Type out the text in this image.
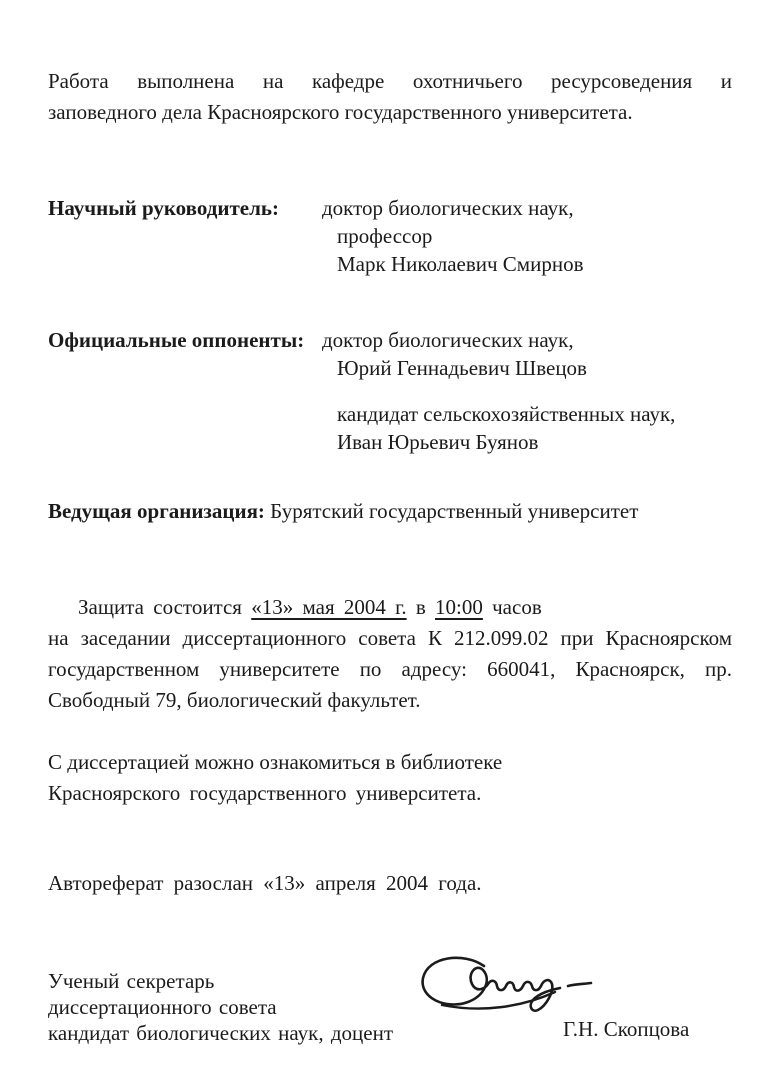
Работа выполнена на кафедре охотничьего ресурсоведения и
заповедного дела Красноярского государственного университета.
Научный руководитель: доктор биологических наук,
профессор
Марк Николаевич Смирнов
Официальные оппоненты: доктор биологических наук,
Юрий Геннадьевич Швецов
кандидат сельскохозяйственных наук,
Иван Юрьевич Буянов
Ведущая организация: Бурятский государственный университет
Защита состоится «13» мая 2004 г. в 10:00 часов
на заседании диссертационного совета К 212.099.02 при Красноярском
государственном университете по адресу: 660041, Красноярск, пр.
Свободный 79, биологический факультет.
С диссертацией можно ознакомиться в библиотеке
Красноярского государственного университета.
Автореферат разослан «13» апреля 2004 года.
Ученый секретарь
диссертационного совета
кандидат биологических наук, доцент	Г.Н. Скопцова
